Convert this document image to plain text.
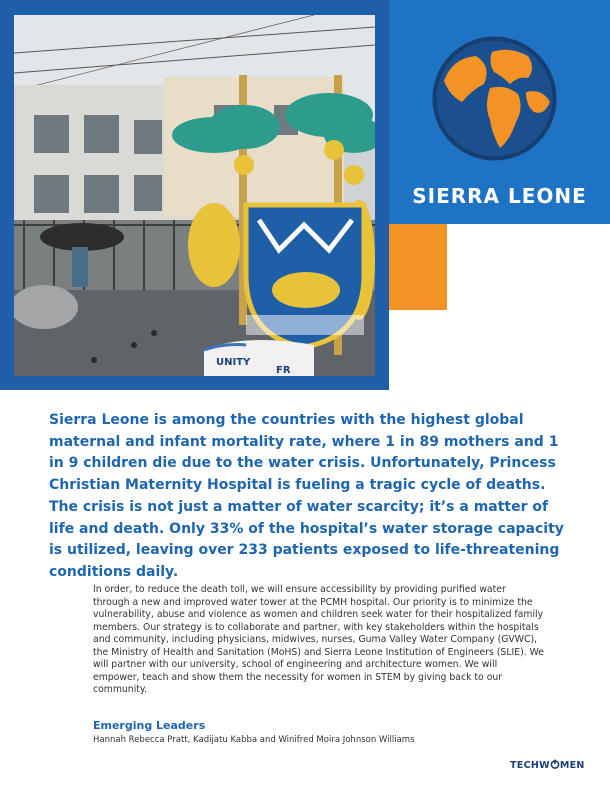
UNITY
FR
SIERRA LEONE

Sierra Leone is among the countries with the highest global maternal and infant mortality rate, where 1 in 89 mothers and 1 in 9 children die due to the water crisis. Unfortunately, Princess Christian Maternity Hospital is fueling a tragic cycle of deaths. The crisis is not just a matter of water scarcity; it’s a matter of life and death. Only 33% of the hospital’s water storage capacity is utilized, leaving over 233 patients exposed to life-threatening conditions daily.

In order, to reduce the death toll, we will ensure accessibility by providing purified water through a new and improved water tower at the PCMH hospital. Our priority is to minimize the vulnerability, abuse and violence as women and children seek water for their hospitalized family members. Our strategy is to collaborate and partner, with key stakeholders within the hospitals and community, including physicians, midwives, nurses, Guma Valley Water Company (GVWC), the Ministry of Health and Sanitation (MoHS) and Sierra Leone Institution of Engineers (SLIE). We will partner with our university, school of engineering and architecture women. We will empower, teach and show them the necessity for women in STEM by giving back to our community.

Emerging Leaders

Hannah Rebecca Pratt, Kadijatu Kabba and Winifred Moira Johnson Williams

TECHW MEN
